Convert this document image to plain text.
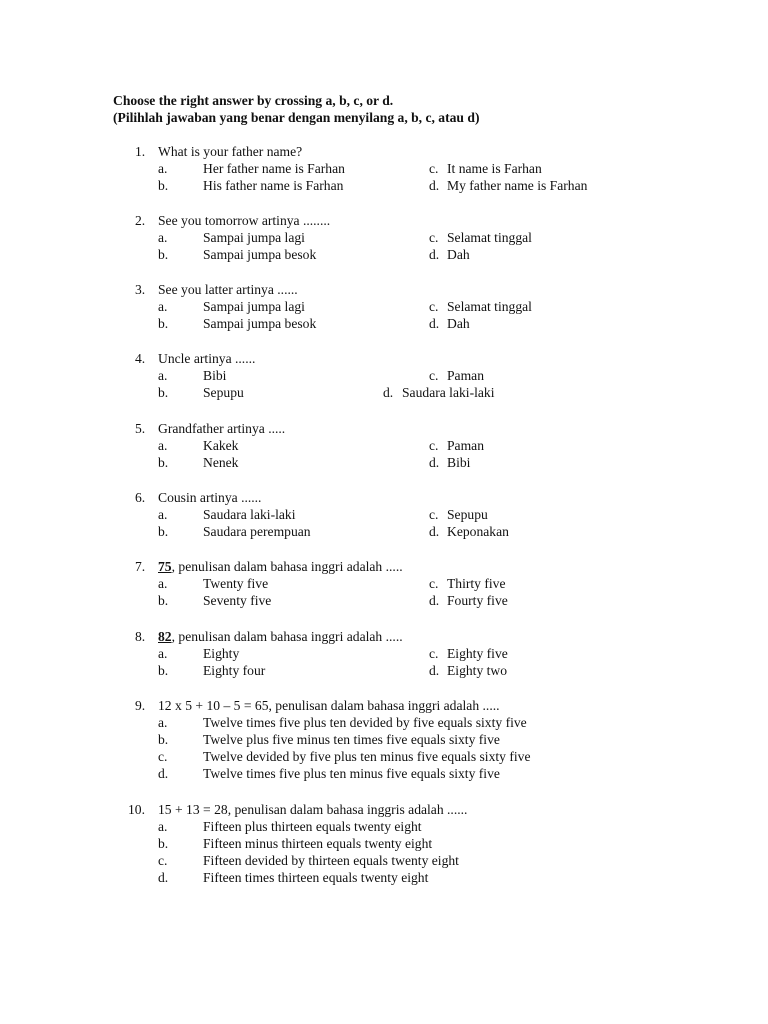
Choose the right answer by crossing a, b, c, or d.
(Pilihlah jawaban yang benar dengan menyilang a, b, c, atau d)
1. What is your father name?
a.	Her father name is Farhan	c. It name is Farhan
b.	His father name is Farhan	d. My father name is Farhan
2. See you tomorrow artinya ........
a.	Sampai jumpa lagi	c. Selamat tinggal
b.	Sampai jumpa besok	d. Dah
3. See you latter artinya ......
a.	Sampai jumpa lagi	c. Selamat tinggal
b.	Sampai jumpa besok	d. Dah
4. Uncle artinya ......
a.	Bibi	c. Paman
b.	Sepupu	d. Saudara laki-laki
5. Grandfather artinya .....
a.	Kakek	c. Paman
b.	Nenek	d. Bibi
6. Cousin artinya ......
a.	Saudara laki-laki	c. Sepupu
b.	Saudara perempuan	d. Keponakan
7. 75, penulisan dalam bahasa inggri adalah .....
a.	Twenty five	c. Thirty five
b.	Seventy five	d. Fourty five
8. 82, penulisan dalam bahasa inggri adalah .....
a.	Eighty	c. Eighty five
b.	Eighty four	d. Eighty two
9. 12 x 5 + 10 – 5 = 65, penulisan dalam bahasa inggri adalah .....
a.	Twelve times five plus ten devided by five equals sixty five
b.	Twelve plus five minus ten times five equals sixty five
c.	Twelve devided by five plus ten minus five equals sixty five
d.	Twelve times five plus ten minus five equals sixty five
10. 15 + 13 = 28, penulisan dalam bahasa inggris adalah ......
a.	Fifteen plus thirteen equals twenty eight
b.	Fifteen minus thirteen equals twenty eight
c.	Fifteen devided by thirteen equals twenty eight
d.	Fifteen times thirteen equals twenty eight
